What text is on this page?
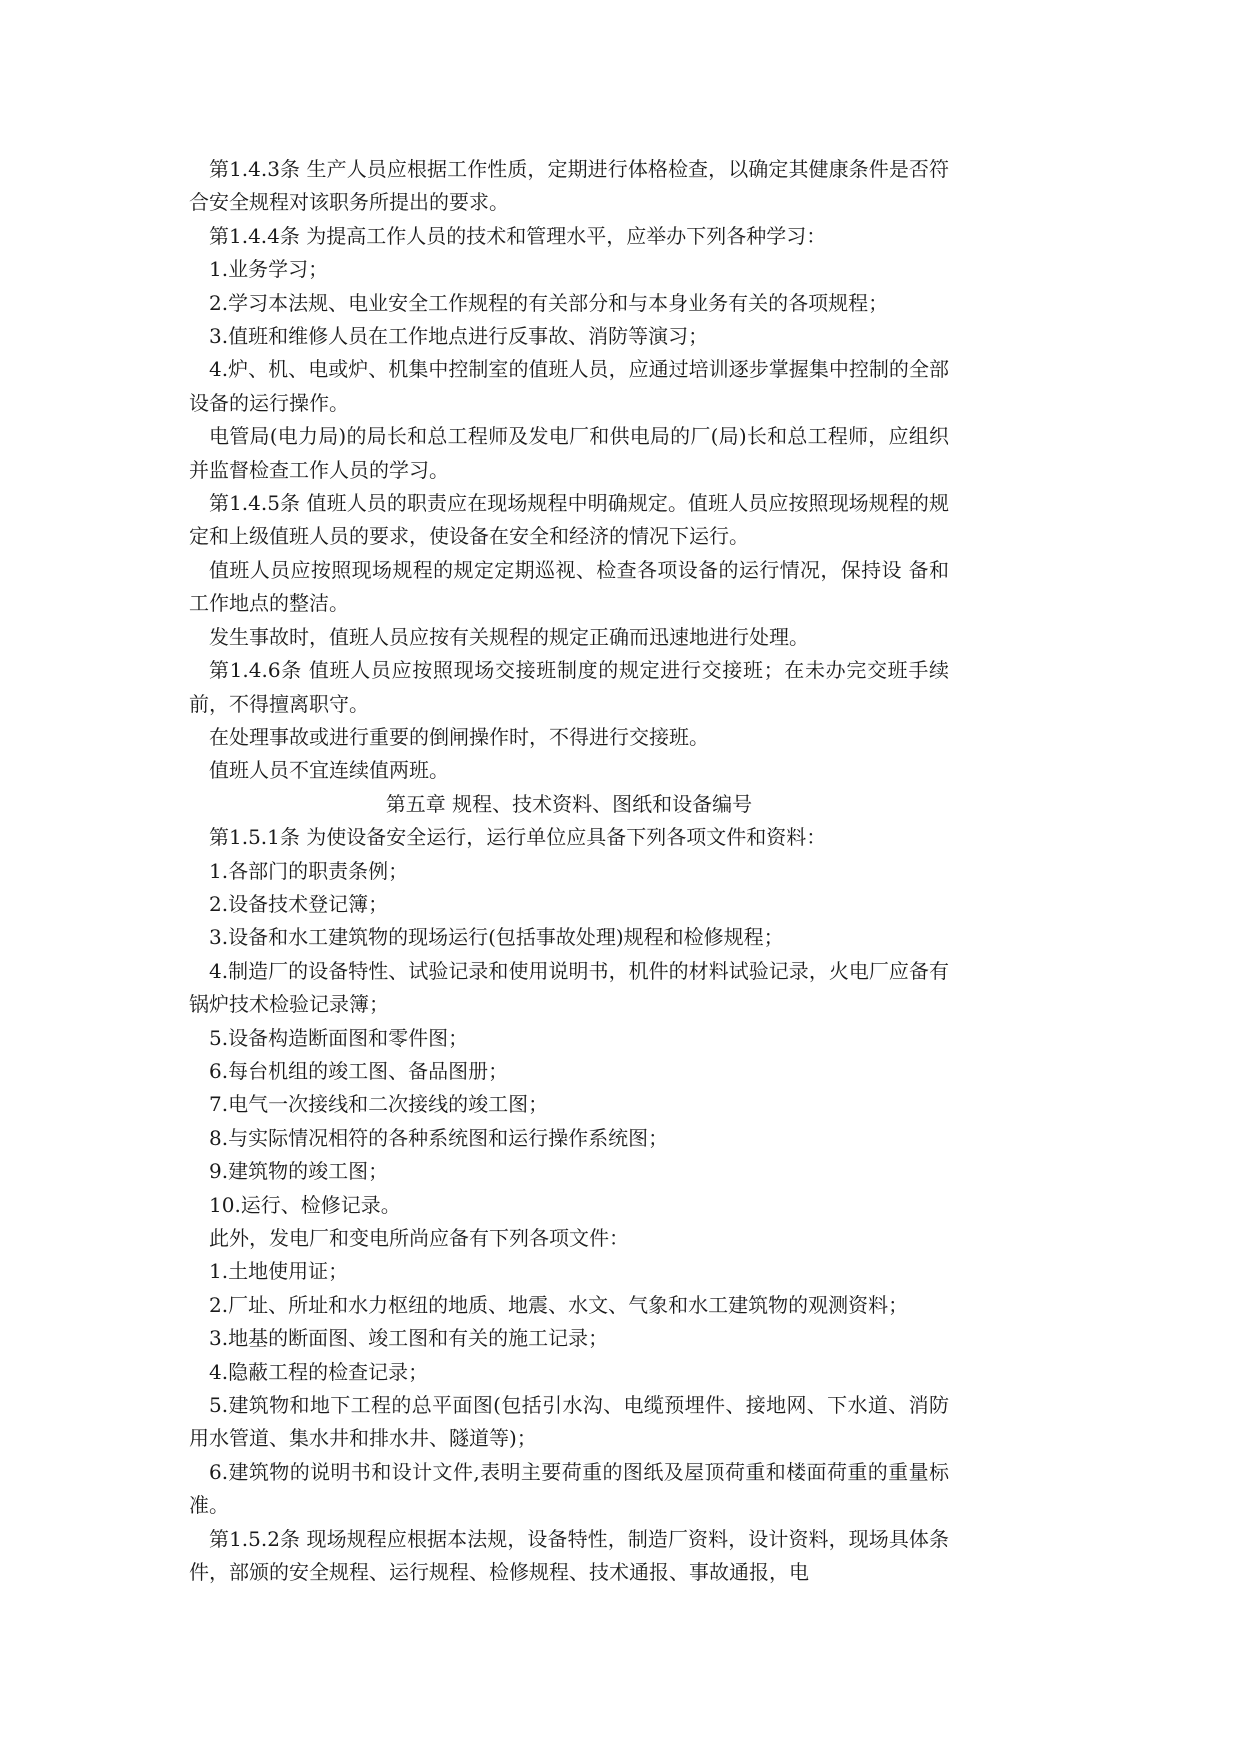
第1.4.3条 生产人员应根据工作性质，定期进行体格检查，以确定其健康条件是否符合安全规程对该职务所提出的要求。

第1.4.4条 为提高工作人员的技术和管理水平，应举办下列各种学习：

1.业务学习；

2.学习本法规、电业安全工作规程的有关部分和与本身业务有关的各项规程；

3.值班和维修人员在工作地点进行反事故、消防等演习；

4.炉、机、电或炉、机集中控制室的值班人员，应通过培训逐步掌握集中控制的全部设备的运行操作。

电管局(电力局)的局长和总工程师及发电厂和供电局的厂(局)长和总工程师，应组织并监督检查工作人员的学习。

第1.4.5条 值班人员的职责应在现场规程中明确规定。值班人员应按照现场规程的规定和上级值班人员的要求，使设备在安全和经济的情况下运行。

值班人员应按照现场规程的规定定期巡视、检查各项设备的运行情况，保持设 备和工作地点的整洁。

发生事故时，值班人员应按有关规程的规定正确而迅速地进行处理。

第1.4.6条 值班人员应按照现场交接班制度的规定进行交接班；在未办完交班手续前，不得擅离职守。

在处理事故或进行重要的倒闸操作时，不得进行交接班。

值班人员不宜连续值两班。

第五章 规程、技术资料、图纸和设备编号

第1.5.1条 为使设备安全运行，运行单位应具备下列各项文件和资料：

1.各部门的职责条例；

2.设备技术登记簿；

3.设备和水工建筑物的现场运行(包括事故处理)规程和检修规程；

4.制造厂的设备特性、试验记录和使用说明书，机件的材料试验记录，火电厂应备有锅炉技术检验记录簿；

5.设备构造断面图和零件图；

6.每台机组的竣工图、备品图册；

7.电气一次接线和二次接线的竣工图；

8.与实际情况相符的各种系统图和运行操作系统图；

9.建筑物的竣工图；

10.运行、检修记录。

此外，发电厂和变电所尚应备有下列各项文件：

1.土地使用证；

2.厂址、所址和水力枢纽的地质、地震、水文、气象和水工建筑物的观测资料；

3.地基的断面图、竣工图和有关的施工记录；

4.隐蔽工程的检查记录；

5.建筑物和地下工程的总平面图(包括引水沟、电缆预埋件、接地网、下水道、消防用水管道、集水井和排水井、隧道等)；

6.建筑物的说明书和设计文件,表明主要荷重的图纸及屋顶荷重和楼面荷重的重量标准。

第1.5.2条 现场规程应根据本法规，设备特性，制造厂资料，设计资料，现场具体条件，部颁的安全规程、运行规程、检修规程、技术通报、事故通报，电
